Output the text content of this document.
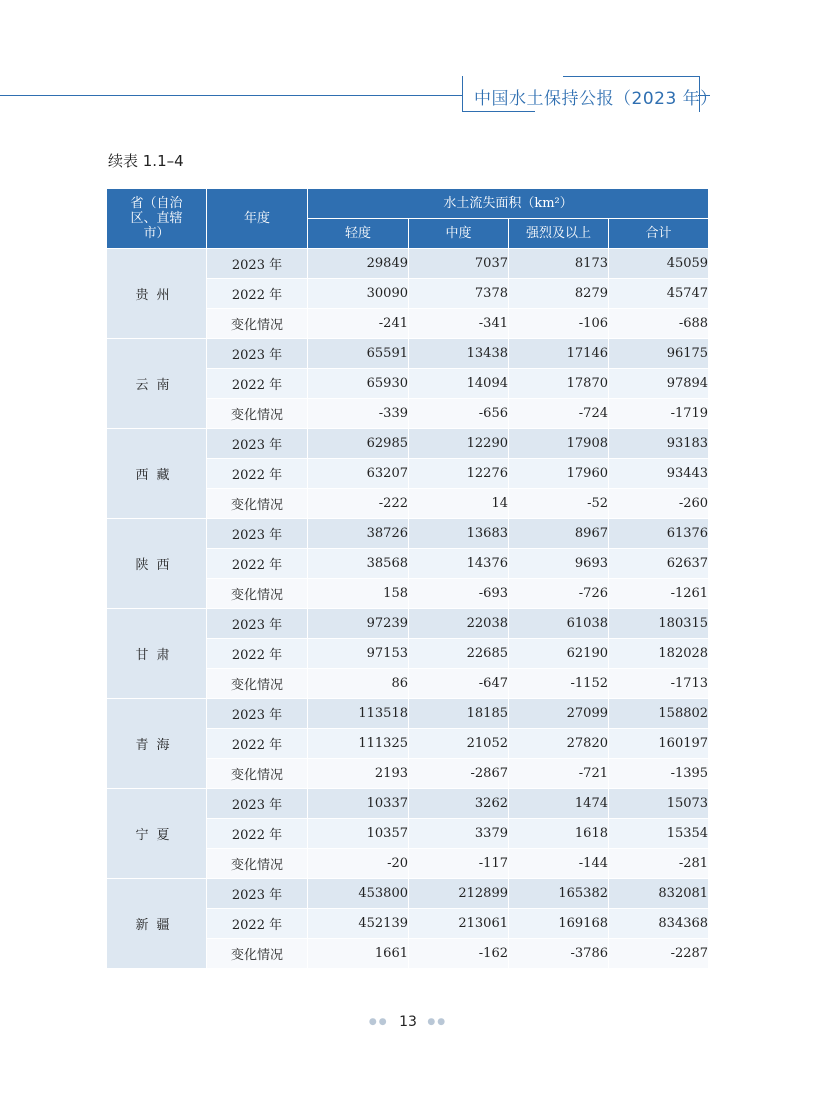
中国水土保持公报（2023 年）
续表 1.1–4
省（自治区、直辖市）	年度	水土流失面积（km²）			
		轻度	中度	强烈及以上	合计
贵州	2023 年	29849	7037	8173	45059
	2022 年	30090	7378	8279	45747
	变化情况	-241	-341	-106	-688
云南	2023 年	65591	13438	17146	96175
	2022 年	65930	14094	17870	97894
	变化情况	-339	-656	-724	-1719
西藏	2023 年	62985	12290	17908	93183
	2022 年	63207	12276	17960	93443
	变化情况	-222	14	-52	-260
陕西	2023 年	38726	13683	8967	61376
	2022 年	38568	14376	9693	62637
	变化情况	158	-693	-726	-1261
甘肃	2023 年	97239	22038	61038	180315
	2022 年	97153	22685	62190	182028
	变化情况	86	-647	-1152	-1713
青海	2023 年	113518	18185	27099	158802
	2022 年	111325	21052	27820	160197
	变化情况	2193	-2867	-721	-1395
宁夏	2023 年	10337	3262	1474	15073
	2022 年	10357	3379	1618	15354
	变化情况	-20	-117	-144	-281
新疆	2023 年	453800	212899	165382	832081
	2022 年	452139	213061	169168	834368
	变化情况	1661	-162	-3786	-2287
●● 13 ●●
